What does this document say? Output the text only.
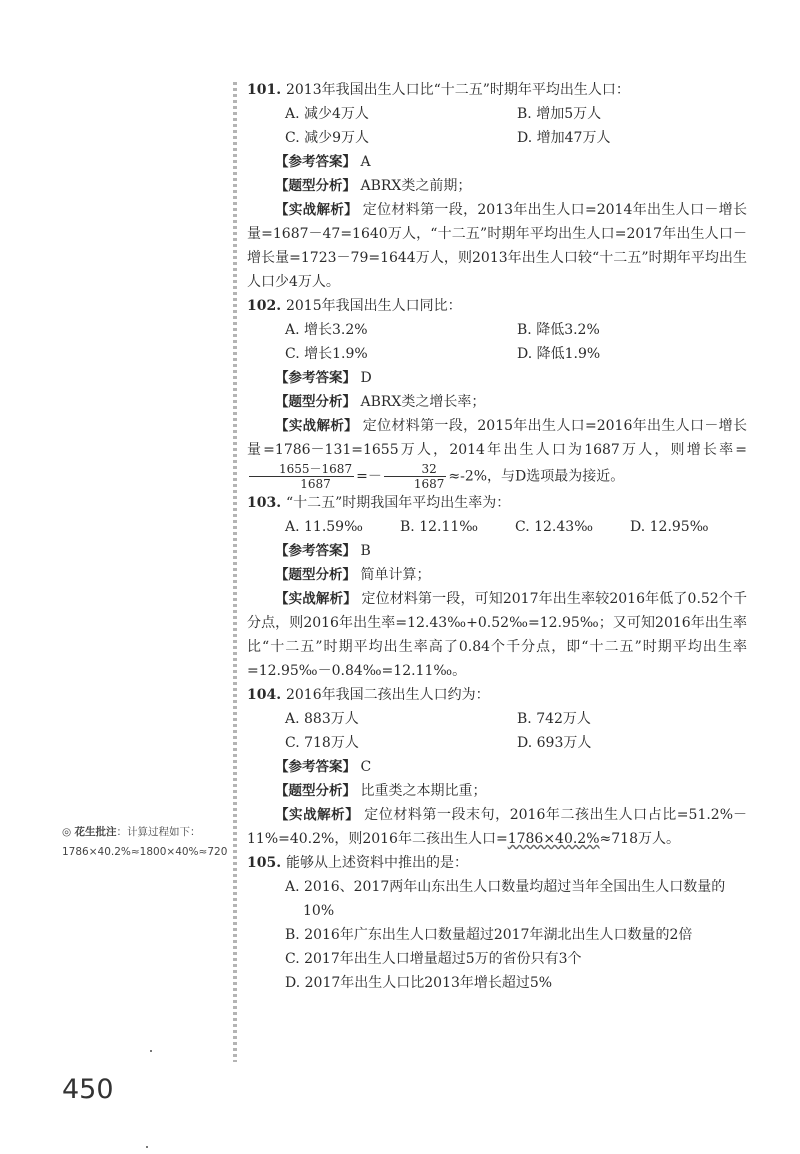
101. 2013年我国出生人口比“十二五”时期年平均出生人口：
A. 减少4万人	B. 增加5万人
C. 减少9万人	D. 增加47万人
【参考答案】 A
【题型分析】 ABRX类之前期；
【实战解析】 定位材料第一段，2013年出生人口=2014年出生人口－增长量=1687－47=1640万人，“十二五”时期年平均出生人口=2017年出生人口－增长量=1723－79=1644万人，则2013年出生人口较“十二五”时期年平均出生人口少4万人。
102. 2015年我国出生人口同比：
A. 增长3.2%	B. 降低3.2%
C. 增长1.9%	D. 降低1.9%
【参考答案】 D
【题型分析】 ABRX类之增长率；
【实战解析】 定位材料第一段，2015年出生人口=2016年出生人口－增长量=1786－131=1655万人，2014年出生人口为1687万人，则增长率=
$\frac{1655-1687}{1687} =- \frac{32}{1687} \approx-2\%$，与D选项最为接近。
103. “十二五”时期我国年平均出生率为：
A. 11.59‰	B. 12.11‰	C. 12.43‰	D. 12.95‰
【参考答案】 B
【题型分析】 简单计算；
【实战解析】 定位材料第一段，可知2017年出生率较2016年低了0.52个千分点，则2016年出生率=12.43‰+0.52‰=12.95‰；又可知2016年出生率比“十二五”时期平均出生率高了0.84个千分点，即“十二五”时期平均出生率=12.95‰－0.84‰=12.11‰。
104. 2016年我国二孩出生人口约为：
A. 883万人	B. 742万人
C. 718万人	D. 693万人
【参考答案】 C
【题型分析】 比重类之本期比重；
【实战解析】 定位材料第一段末句，2016年二孩出生人口占比=51.2%－11%=40.2%，则2016年二孩出生人口=1786×40.2%≈718万人。
105. 能够从上述资料中推出的是：
A. 2016、2017两年山东出生人口数量均超过当年全国出生人口数量的10%
B. 2016年广东出生人口数量超过2017年湖北出生人口数量的2倍
C. 2017年出生人口增量超过5万的省份只有3个
D. 2017年出生人口比2013年增长超过5%
◎ 花生批注：计算过程如下：1786×40.2%≈1800×40%≈720
450
